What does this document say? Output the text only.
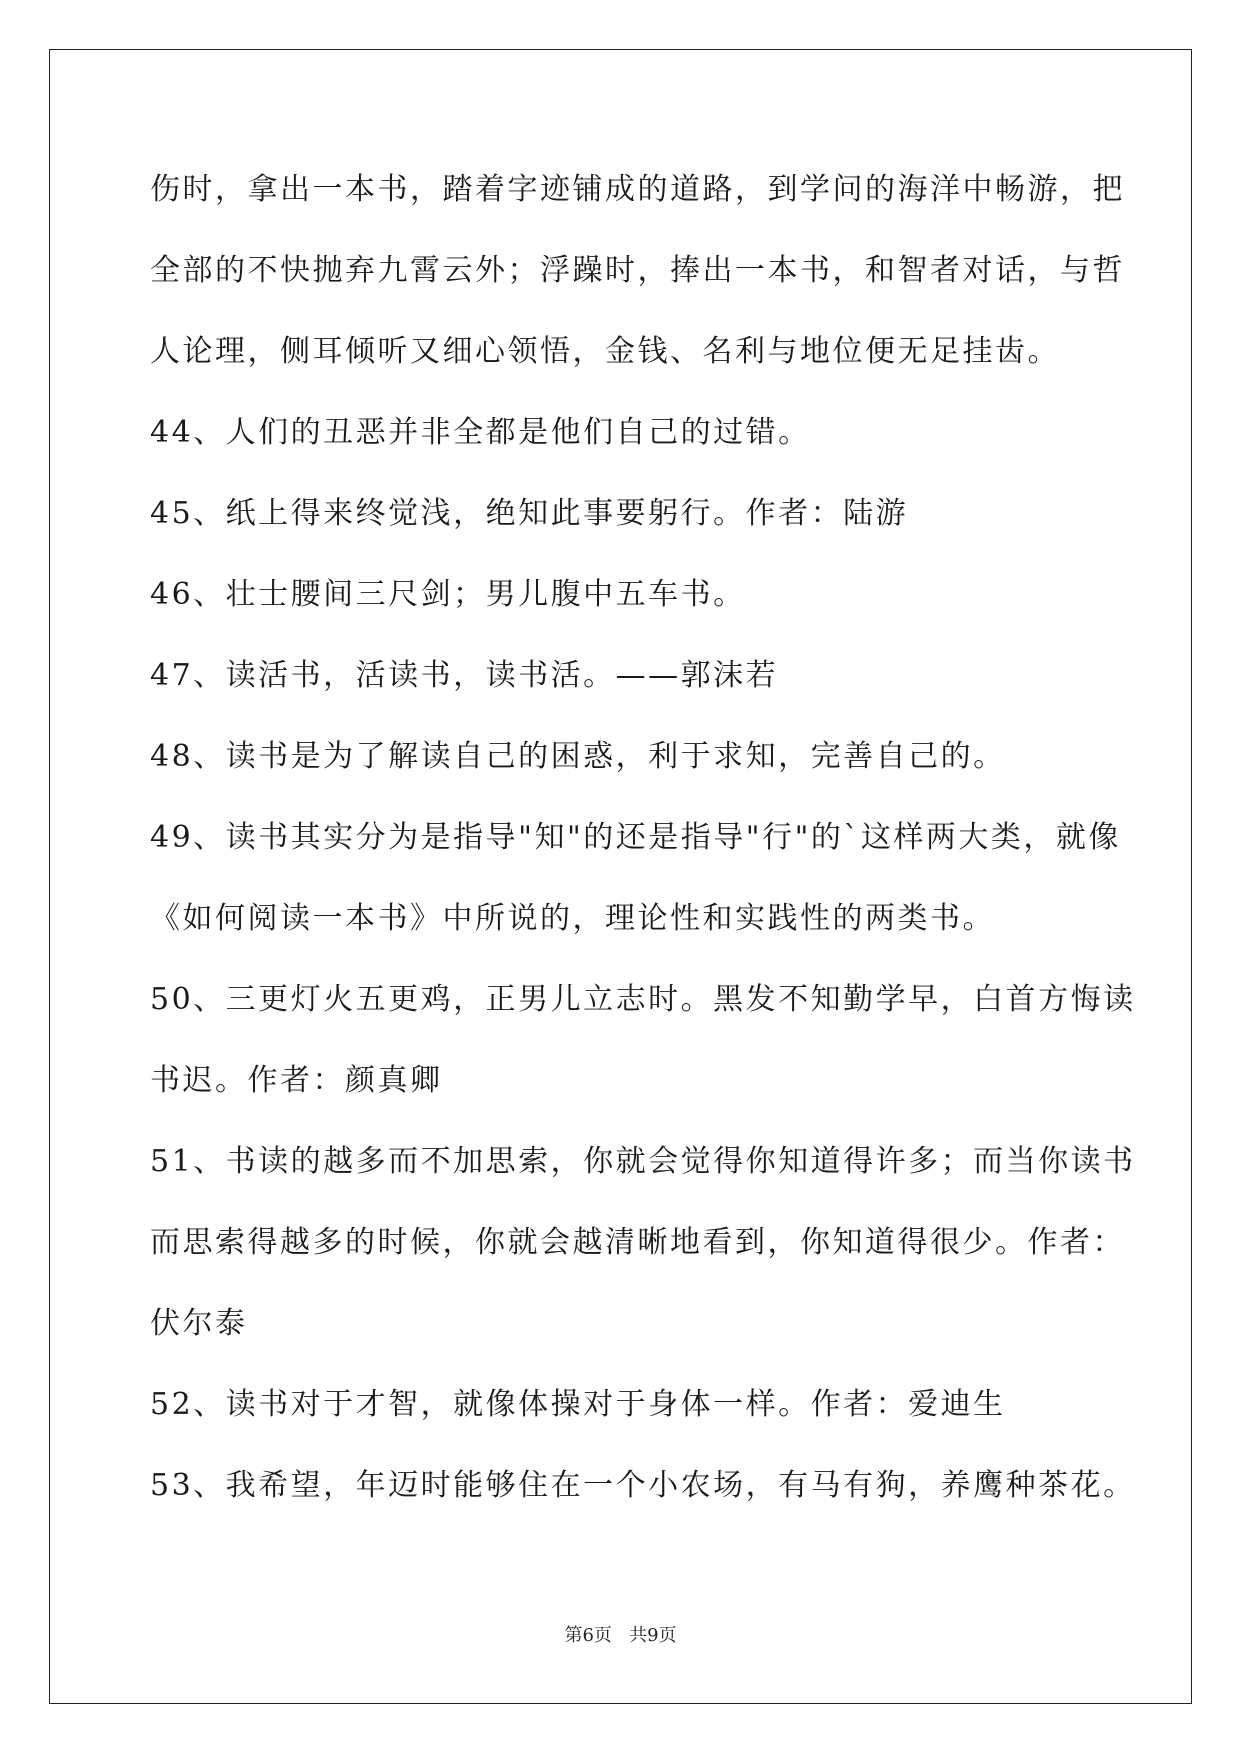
伤时，拿出一本书，踏着字迹铺成的道路，到学问的海洋中畅游，把
全部的不快抛弃九霄云外；浮躁时，捧出一本书，和智者对话，与哲
人论理，侧耳倾听又细心领悟，金钱、名利与地位便无足挂齿。
44、人们的丑恶并非全都是他们自己的过错。
45、纸上得来终觉浅，绝知此事要躬行。作者：陆游
46、壮士腰间三尺剑；男儿腹中五车书。
47、读活书，活读书，读书活。——郭沫若
48、读书是为了解读自己的困惑，利于求知，完善自己的。
49、读书其实分为是指导"知"的还是指导"行"的`这样两大类，就像
《如何阅读一本书》中所说的，理论性和实践性的两类书。
50、三更灯火五更鸡，正男儿立志时。黑发不知勤学早，白首方悔读
书迟。作者：颜真卿
51、书读的越多而不加思索，你就会觉得你知道得许多；而当你读书
而思索得越多的时候，你就会越清晰地看到，你知道得很少。作者：
伏尔泰
52、读书对于才智，就像体操对于身体一样。作者：爱迪生
53、我希望，年迈时能够住在一个小农场，有马有狗，养鹰种茶花。
第6页   共9页
